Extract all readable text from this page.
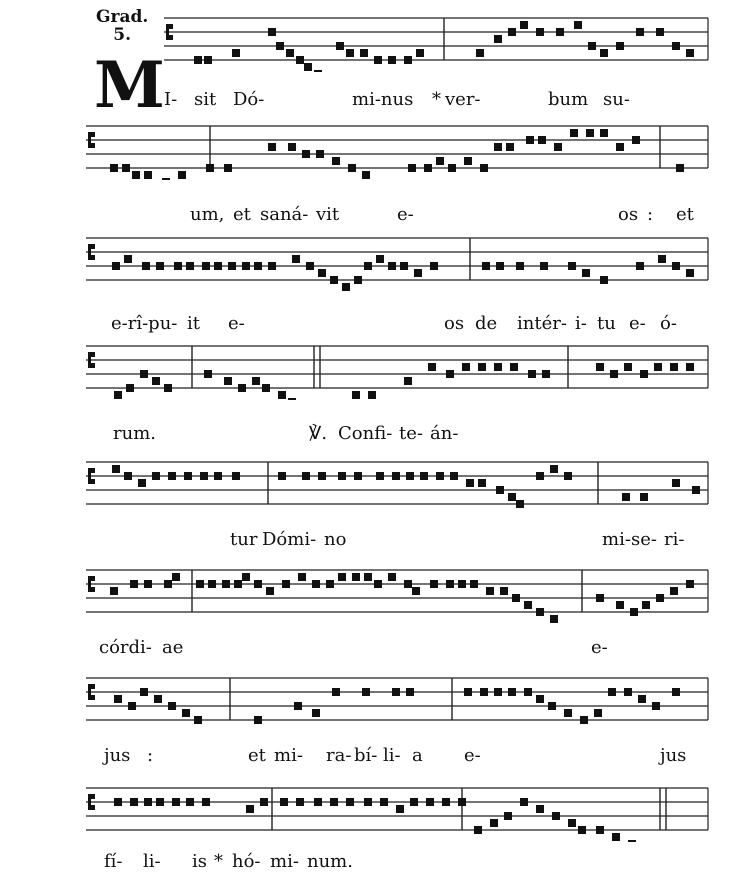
Grad.
5.
M I- sit Dó-	mi-nus * ver-	bum su-
um, et saná- vit	e-	os : et
e-rî-pu- it e-	os de intér- i- tu e- ó-
rum.	℣. Confi- te- án-
tur Dómi- no	mi- se- ri-
córdi- ae	e-
jus :	et mi- ra- bí- li- a e-	jus
fí- li- is * hó- mi- num.
